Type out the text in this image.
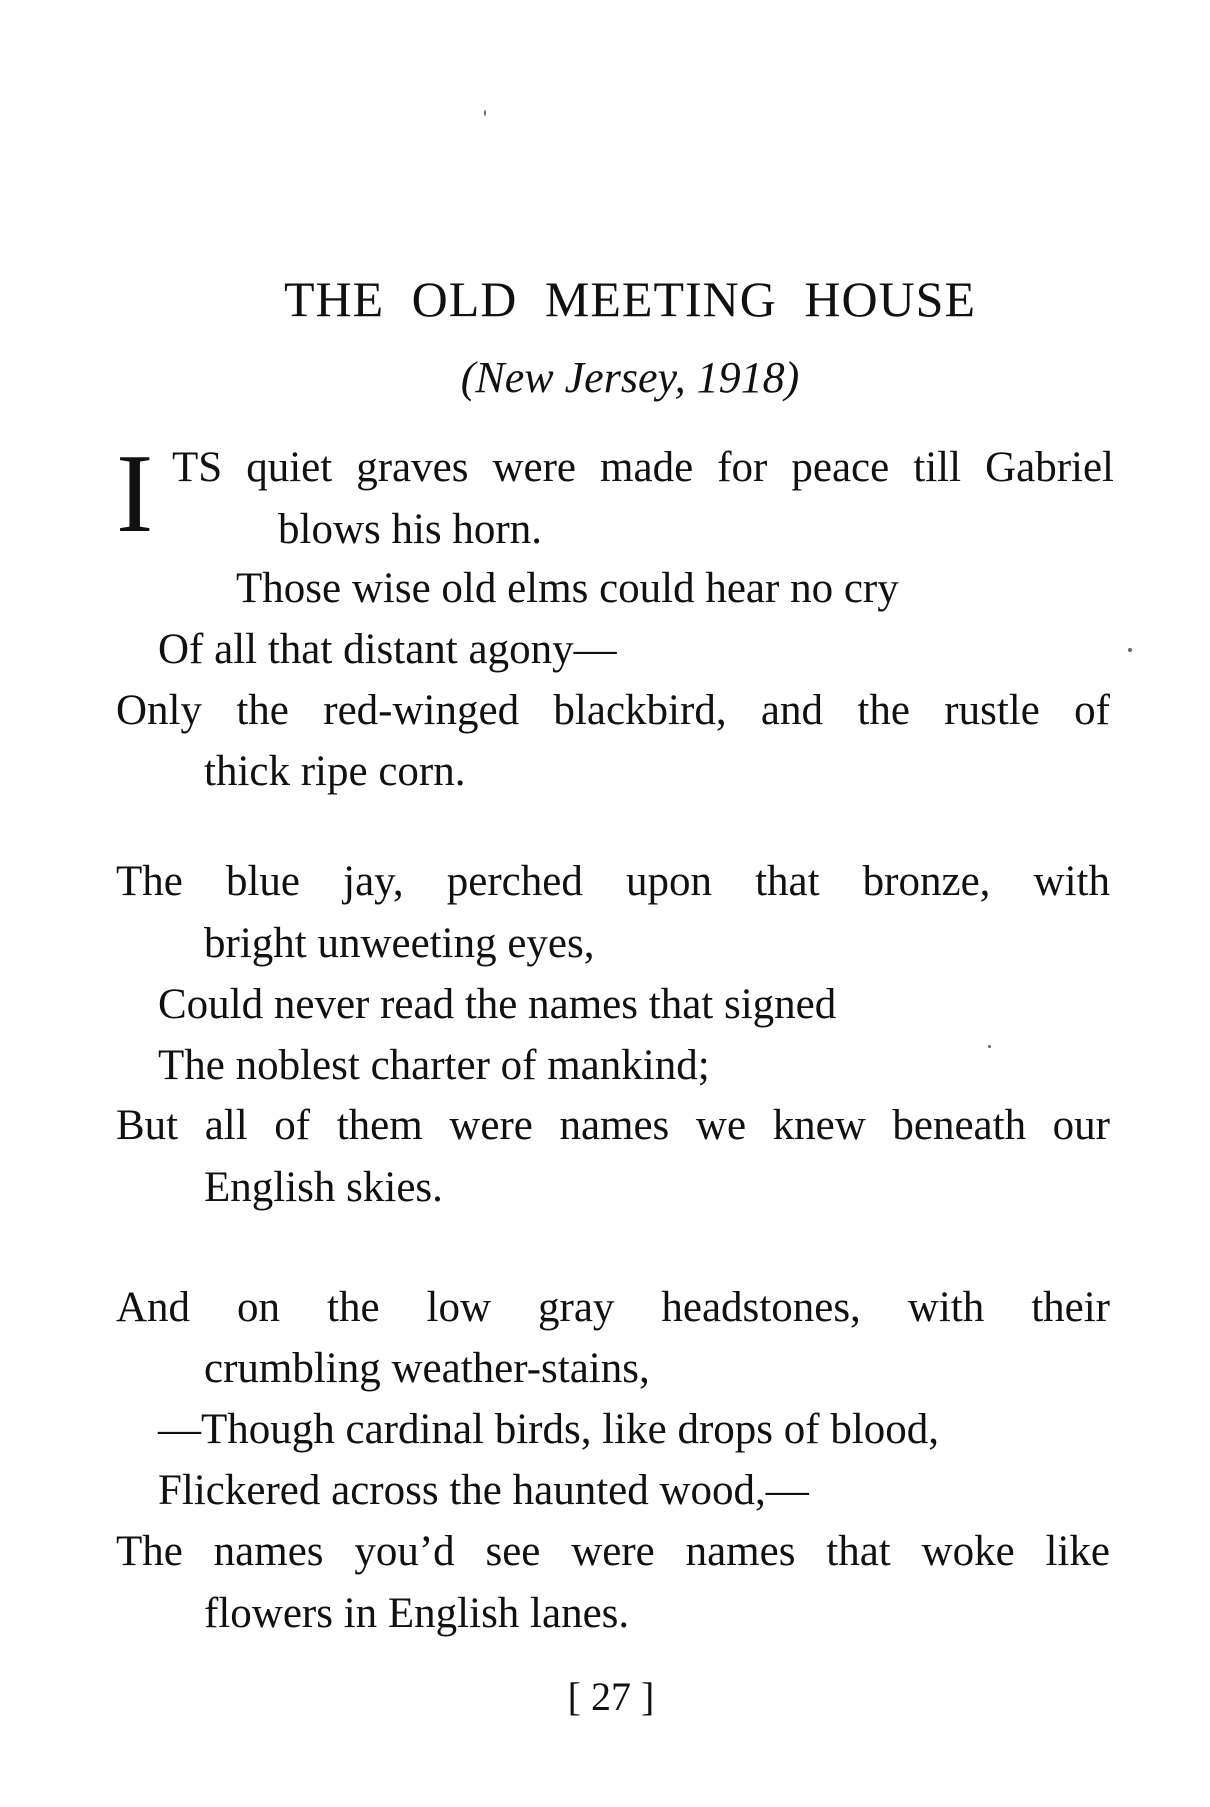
THE OLD MEETING HOUSE
(New Jersey, 1918)
I TS quiet graves were made for peace till Gabriel
blows his horn.
Those wise old elms could hear no cry
Of all that distant agony—
Only the red-winged blackbird, and the rustle of
thick ripe corn.
The blue jay, perched upon that bronze, with
bright unweeting eyes,
Could never read the names that signed
The noblest charter of mankind;
But all of them were names we knew beneath our
English skies.
And on the low gray headstones, with their
crumbling weather-stains,
—Though cardinal birds, like drops of blood,
Flickered across the haunted wood,—
The names you’d see were names that woke like
flowers in English lanes.
[ 27 ]
